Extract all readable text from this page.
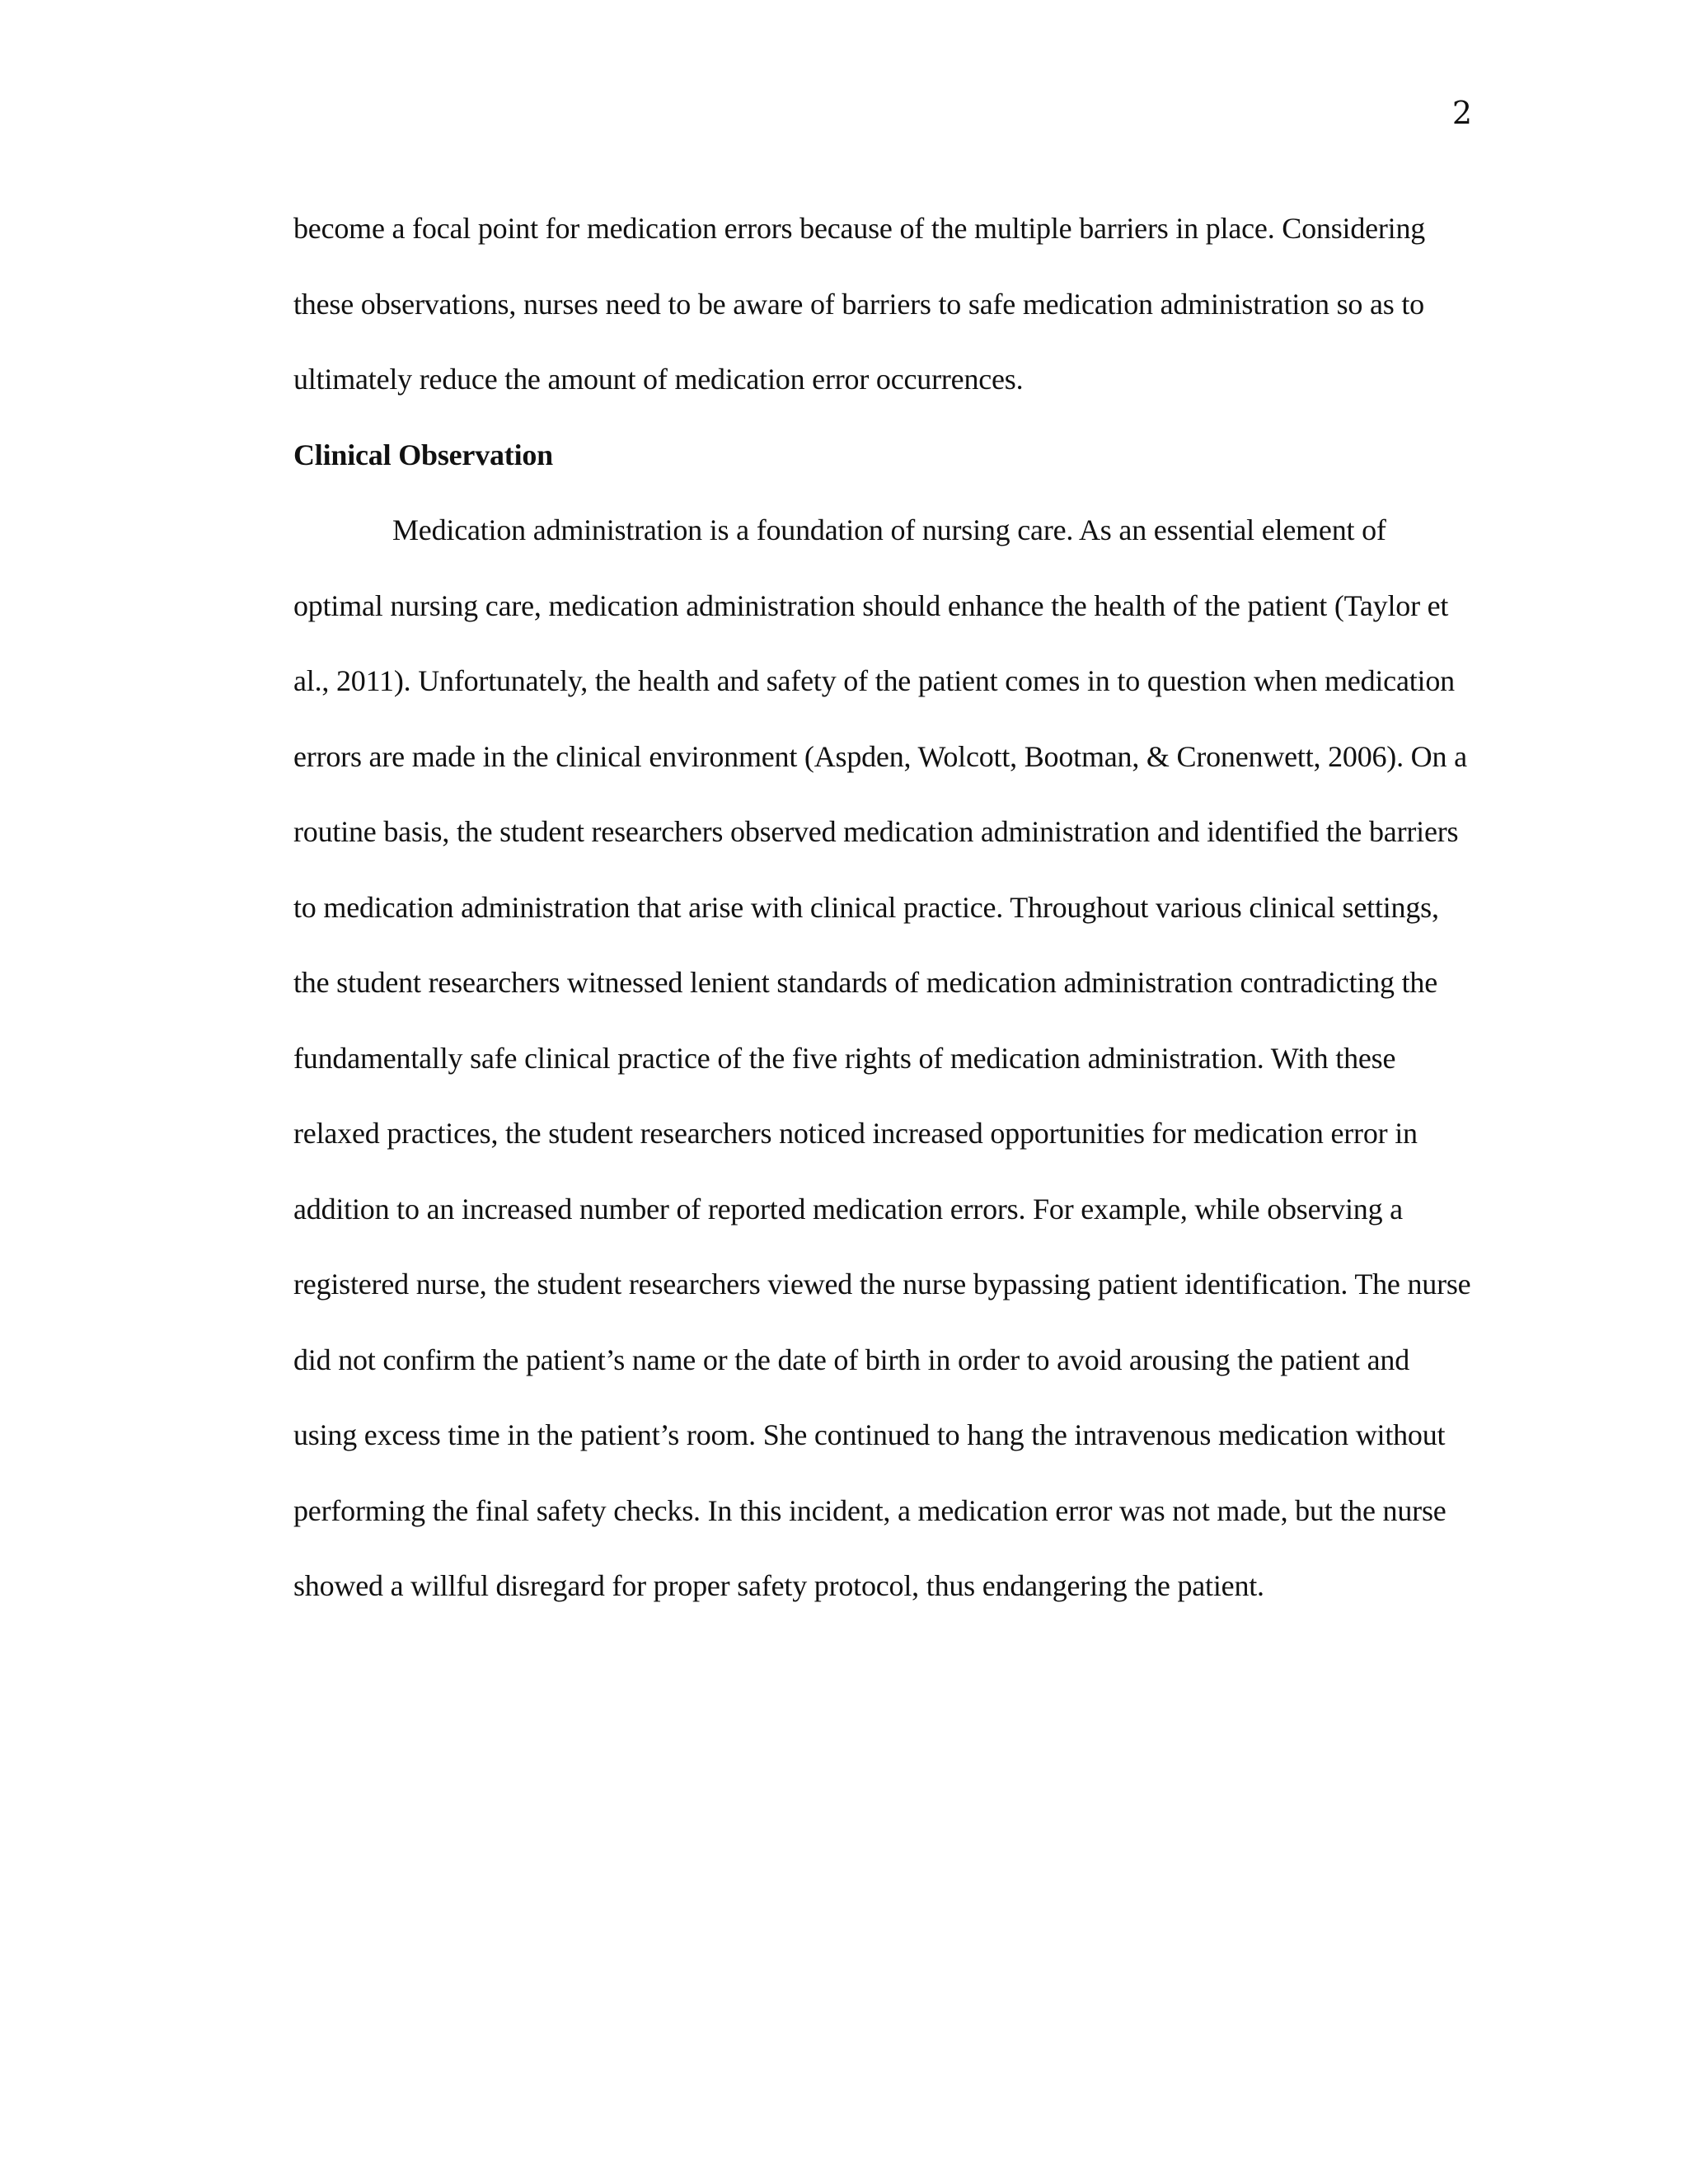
2

become a focal point for medication errors because of the multiple barriers in place. Considering these observations, nurses need to be aware of barriers to safe medication administration so as to ultimately reduce the amount of medication error occurrences.

Clinical Observation

Medication administration is a foundation of nursing care. As an essential element of optimal nursing care, medication administration should enhance the health of the patient (Taylor et al., 2011). Unfortunately, the health and safety of the patient comes in to question when medication errors are made in the clinical environment (Aspden, Wolcott, Bootman, & Cronenwett, 2006). On a routine basis, the student researchers observed medication administration and identified the barriers to medication administration that arise with clinical practice. Throughout various clinical settings, the student researchers witnessed lenient standards of medication administration contradicting the fundamentally safe clinical practice of the five rights of medication administration. With these relaxed practices, the student researchers noticed increased opportunities for medication error in addition to an increased number of reported medication errors. For example, while observing a registered nurse, the student researchers viewed the nurse bypassing patient identification. The nurse did not confirm the patient’s name or the date of birth in order to avoid arousing the patient and using excess time in the patient’s room. She continued to hang the intravenous medication without performing the final safety checks. In this incident, a medication error was not made, but the nurse showed a willful disregard for proper safety protocol, thus endangering the patient.
